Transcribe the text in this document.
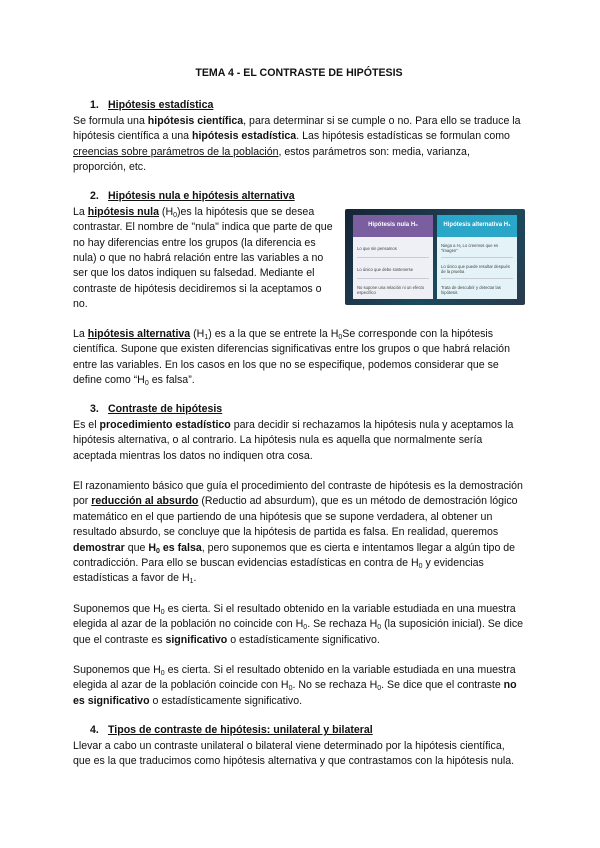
TEMA 4 - EL CONTRASTE DE HIPÓTESIS
1. Hipótesis estadística

Se formula una hipótesis científica, para determinar si se cumple o no. Para ello se traduce la hipótesis científica a una hipótesis estadística. Las hipótesis estadísticas se formulan como creencias sobre parámetros de la población, estos parámetros son: media, varianza, proporción, etc.

2. Hipótesis nula e hipótesis alternativa
Hipótesis nula H₀
Lo que sin pensamos
Lo único que debe sostenerse
No supone una relación ni un efecto específico
Hipótesis alternativa H₁
Niega a H₀ Lo creemos que es "imagen"
Lo único que puede resultar después de la prueba
Trata de descubrir y detectar las hipótesis

La hipótesis nula $(H_0)es$ la hipótesis que se desea contrastar. El nombre de "nula" indica que parte de que no hay diferencias entre los grupos (la diferencia es nula) o que no habrá relación entre las variables a no ser que los datos indiquen su falsedad. Mediante el contraste de hipótesis decidiremos si la aceptamos o no.

La hipótesis alternativa $(H_1)$ es a la que se entrete la $H_0Se$ corresponde con la hipótesis científica. Supone que existen diferencias significativas entre los grupos o que habrá relación entre las variables. En los casos en los que no se especifique, podemos considerar que se define como “$H_0$ es falsa”.

3. Contraste de hipótesis

Es el procedimiento estadístico para decidir si rechazamos la hipótesis nula y aceptamos la hipótesis alternativa, o al contrario. La hipótesis nula es aquella que normalmente sería aceptada mientras los datos no indiquen otra cosa.

El razonamiento básico que guía el procedimiento del contraste de hipótesis es la demostración por reducción al absurdo (Reductio ad absurdum), que es un método de demostración lógico matemático en el que partiendo de una hipótesis que se supone verdadera, al obtener un resultado absurdo, se concluye que la hipótesis de partida es falsa. En realidad, queremos demostrar que $H_0$ es falsa, pero suponemos que es cierta e intentamos llegar a algún tipo de contradicción. Para ello se buscan evidencias estadísticas en contra de $H_0$ y evidencias estadísticas a favor de $H_1$.

Suponemos que $H_0$ es cierta. Si el resultado obtenido en la variable estudiada en una muestra elegida al azar de la población no coincide con $H_0$. Se rechaza $H_0$ (la suposición inicial). Se dice que el contraste es significativo o estadísticamente significativo.

Suponemos que $H_0$ es cierta. Si el resultado obtenido en la variable estudiada en una muestra elegida al azar de la población coincide con $H_0$. No se rechaza $H_0$. Se dice que el contraste no es significativo o estadísticamente significativo.

4. Tipos de contraste de hipótesis: unilateral y bilateral

Llevar a cabo un contraste unilateral o bilateral viene determinado por la hipótesis científica, que es la que traducimos como hipótesis alternativa y que contrastamos con la hipótesis nula.
